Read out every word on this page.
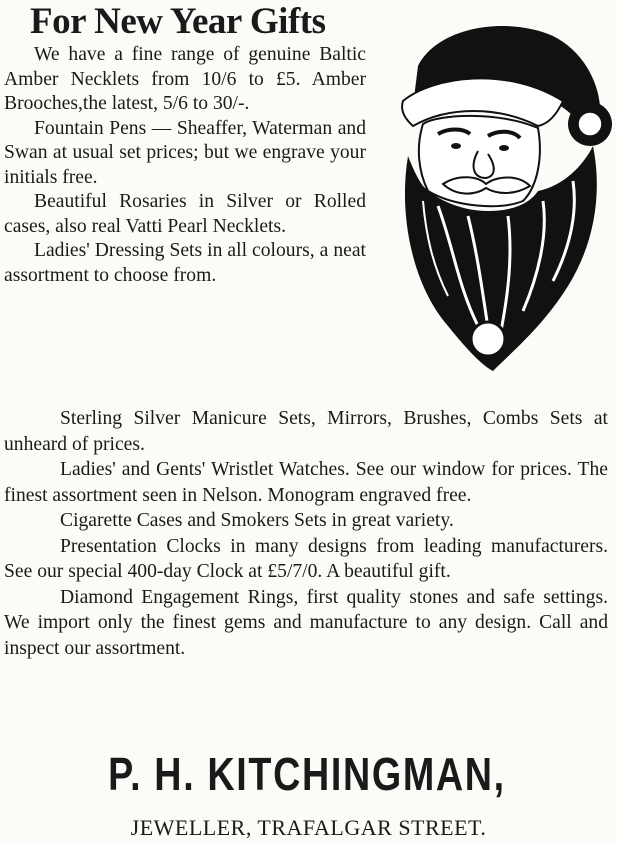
For New Year Gifts

We have a fine range of genuine Baltic Amber Necklets from 10/6 to £5. Amber Brooches,the latest, 5/6 to 30/-.

Fountain Pens — Sheaffer, Waterman and Swan at usual set prices; but we engrave your initials free.

Beautiful Rosaries in Silver or Rolled cases, also real Vatti Pearl Necklets.

Ladies' Dressing Sets in all colours, a neat assortment to choose from.

Sterling Silver Manicure Sets, Mirrors, Brushes, Combs Sets at unheard of prices.

Ladies' and Gents' Wristlet Watches. See our window for prices. The finest assortment seen in Nelson. Monogram engraved free.

Cigarette Cases and Smokers Sets in great variety.

Presentation Clocks in many designs from leading manufacturers. See our special 400-day Clock at £5/7/0. A beautiful gift.

Diamond Engagement Rings, first quality stones and safe settings. We import only the finest gems and manufacture to any design. Call and inspect our assortment.

P. H. KITCHINGMAN,
JEWELLER, TRAFALGAR STREET.
